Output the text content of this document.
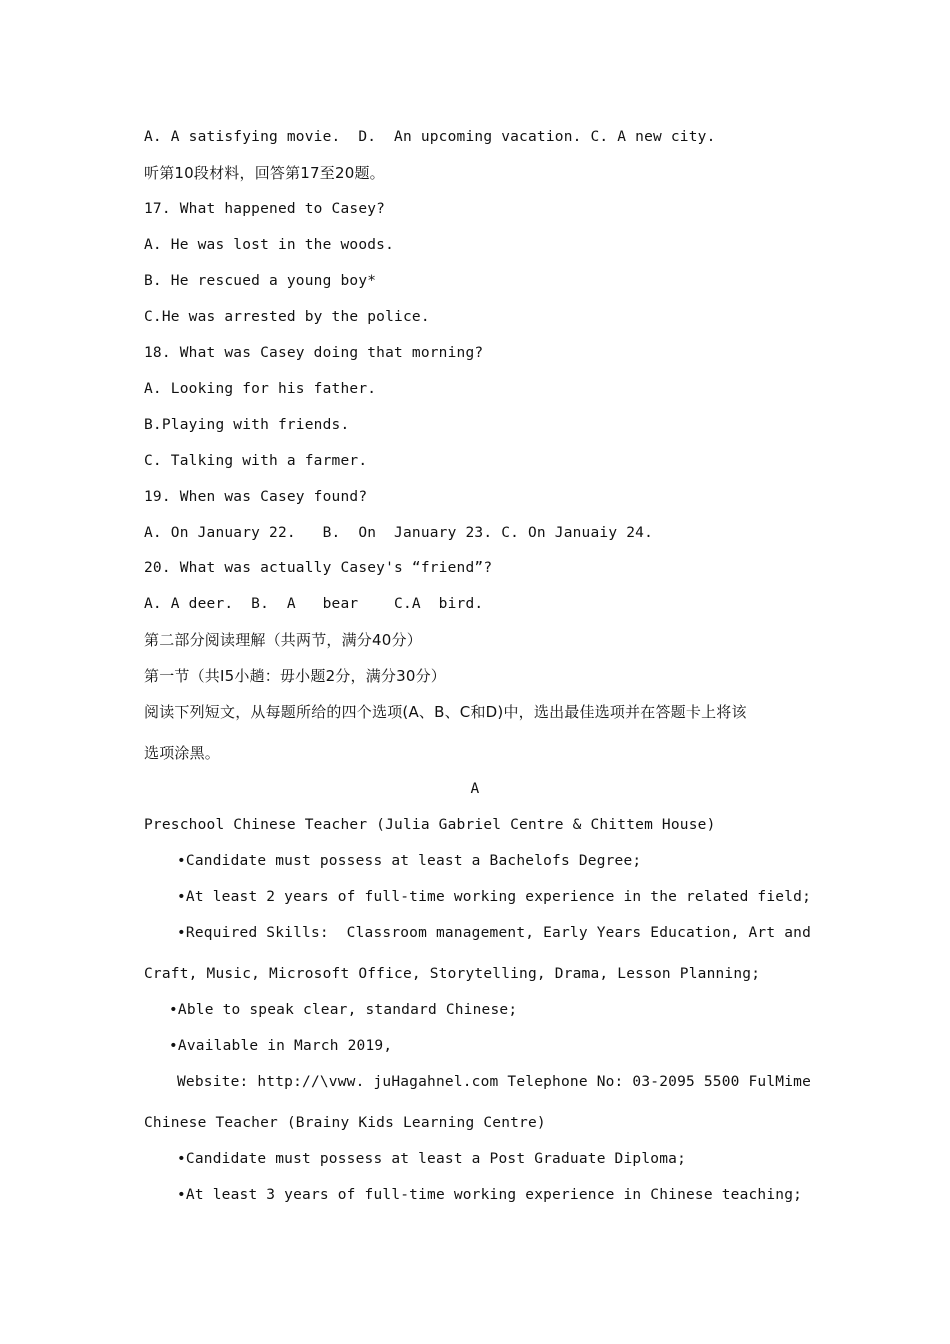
A. A satisfying movie.  D.  An upcoming vacation. C. A new city.
听第10段材料，回答第17至20题。
17. What happened to Casey?
A. He was lost in the woods.
B. He rescued a young boy*
C.He was arrested by the police.
18. What was Casey doing that morning?
A. Looking for his father.
B.Playing with friends.
C. Talking with a farmer.
19. When was Casey found?
A. On January 22.   B.  On  January 23. C. On Januaiy 24.
20. What was actually Casey's “friend”?
A. A deer.  B.  A   bear    C.A  bird.
第二部分阅读理解（共两节，满分40分）
第一节（共I5小趟：毋小题2分，满分30分）
阅读下列短文，从每题所给的四个选项(A、B、C和D)中，选出最佳选项并在答题卡上将该
选项涂黑。
A
Preschool Chinese Teacher (Julia Gabriel Centre & Chittem House)
•Candidate must possess at least a Bachelofs Degree;
•At least 2 years of full-time working experience in the related field;
•Required Skills:  Classroom management, Early Years Education, Art and
Craft, Music, Microsoft Office, Storytelling, Drama, Lesson Planning;
•Able to speak clear, standard Chinese;
•Available in March 2019,
Website: http://\vww. juHagahnel.com Telephone No: 03-2095 5500 FulMime
Chinese Teacher (Brainy Kids Learning Centre)
•Candidate must possess at least a Post Graduate Diploma;
•At least 3 years of full-time working experience in Chinese teaching;
